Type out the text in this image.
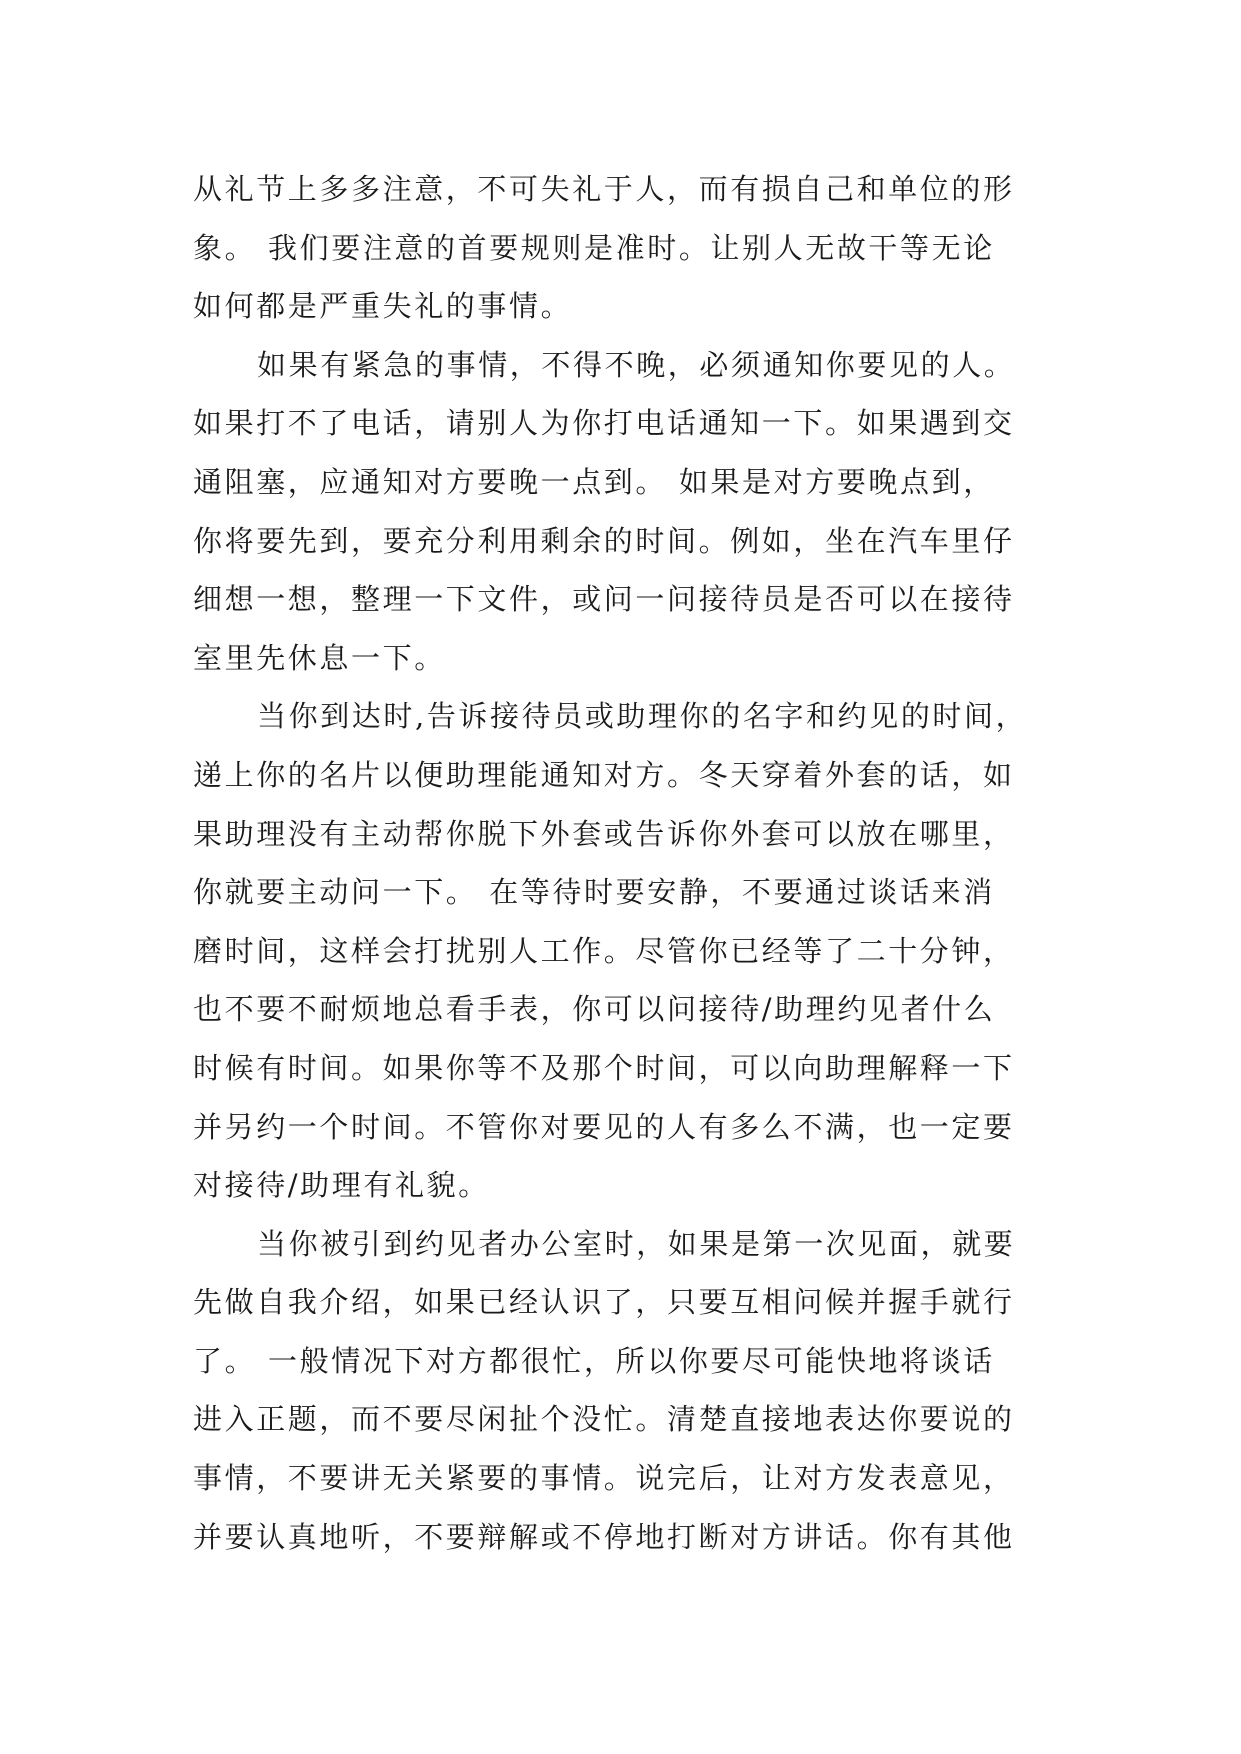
从礼节上多多注意，不可失礼于人，而有损自己和单位的形
象。 我们要注意的首要规则是准时。让别人无故干等无论
如何都是严重失礼的事情。
如果有紧急的事情，不得不晚，必须通知你要见的人。
如果打不了电话，请别人为你打电话通知一下。如果遇到交
通阻塞，应通知对方要晚一点到。 如果是对方要晚点到，
你将要先到，要充分利用剩余的时间。例如，坐在汽车里仔
细想一想，整理一下文件，或问一问接待员是否可以在接待
室里先休息一下。
当你到达时,告诉接待员或助理你的名字和约见的时间，
递上你的名片以便助理能通知对方。冬天穿着外套的话，如
果助理没有主动帮你脱下外套或告诉你外套可以放在哪里，
你就要主动问一下。 在等待时要安静，不要通过谈话来消
磨时间，这样会打扰别人工作。尽管你已经等了二十分钟，
也不要不耐烦地总看手表，你可以问接待/助理约见者什么
时候有时间。如果你等不及那个时间，可以向助理解释一下
并另约一个时间。不管你对要见的人有多么不满，也一定要
对接待/助理有礼貌。
当你被引到约见者办公室时，如果是第一次见面，就要
先做自我介绍，如果已经认识了，只要互相问候并握手就行
了。 一般情况下对方都很忙，所以你要尽可能快地将谈话
进入正题，而不要尽闲扯个没忙。清楚直接地表达你要说的
事情，不要讲无关紧要的事情。说完后，让对方发表意见，
并要认真地听，不要辩解或不停地打断对方讲话。你有其他
